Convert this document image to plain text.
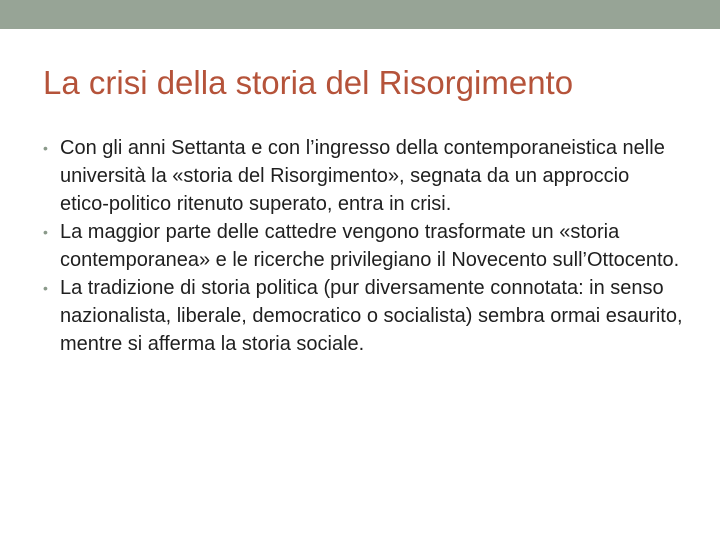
La crisi della storia del Risorgimento
• Con gli anni Settanta e con l’ingresso della contemporaneistica nelle università la «storia del Risorgimento», segnata da un approccio etico-politico ritenuto superato, entra in crisi.
• La maggior parte delle cattedre vengono trasformate un «storia contemporanea» e le ricerche privilegiano il Novecento sull’Ottocento.
• La tradizione di storia politica (pur diversamente connotata: in senso nazionalista, liberale, democratico o socialista) sembra ormai esaurito, mentre si afferma la storia sociale.
